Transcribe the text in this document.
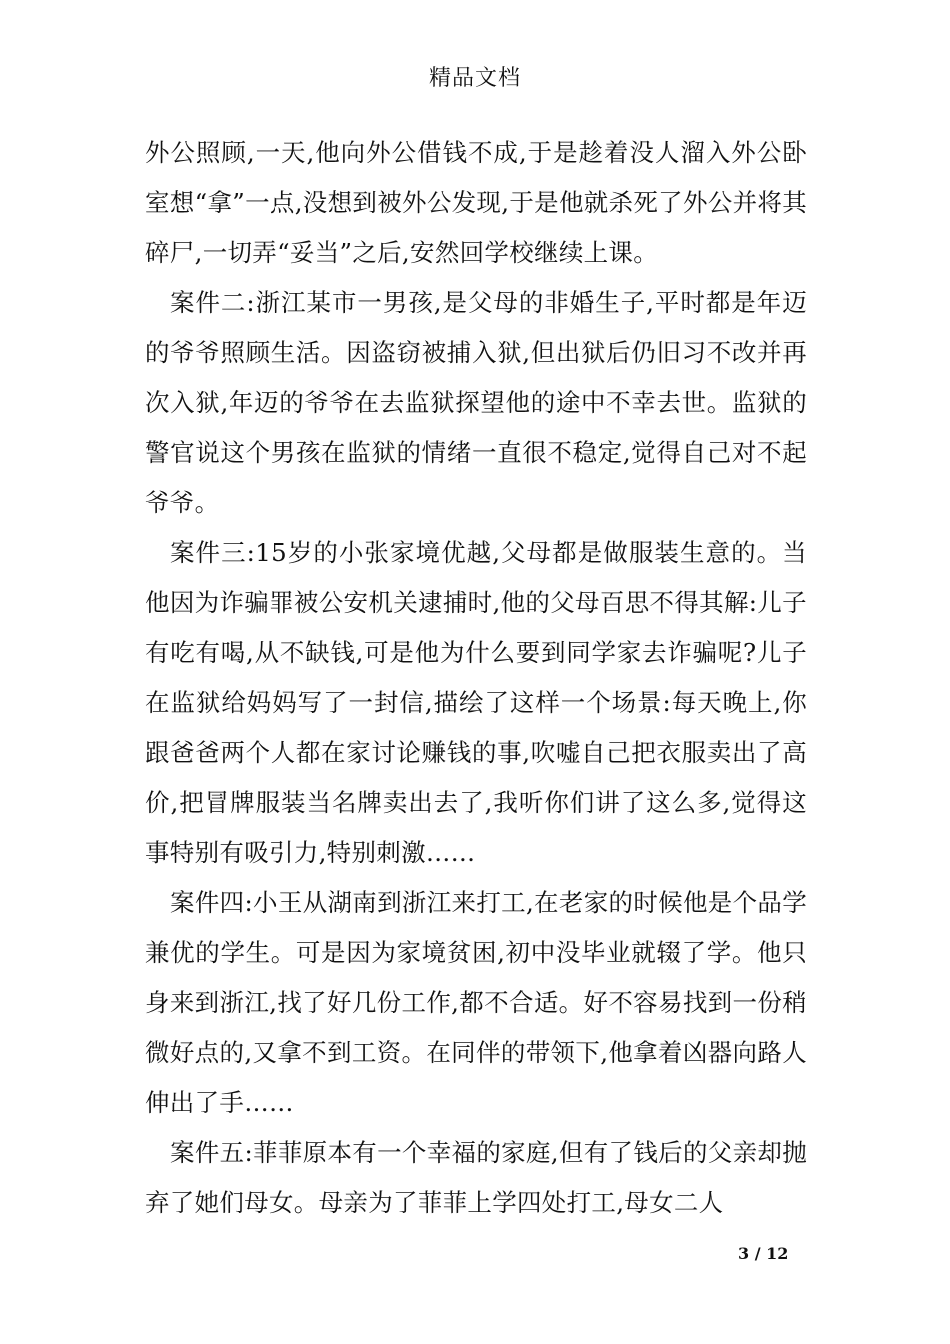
精品文档

外公照顾,一天,他向外公借钱不成,于是趁着没人溜入外公卧室想“拿”一点,没想到被外公发现,于是他就杀死了外公并将其碎尸,一切弄“妥当”之后,安然回学校继续上课。

案件二:浙江某市一男孩,是父母的非婚生子,平时都是年迈的爷爷照顾生活。因盗窃被捕入狱,但出狱后仍旧习不改并再次入狱,年迈的爷爷在去监狱探望他的途中不幸去世。监狱的警官说这个男孩在监狱的情绪一直很不稳定,觉得自己对不起爷爷。

案件三:15岁的小张家境优越,父母都是做服装生意的。当他因为诈骗罪被公安机关逮捕时,他的父母百思不得其解:儿子有吃有喝,从不缺钱,可是他为什么要到同学家去诈骗呢?儿子在监狱给妈妈写了一封信,描绘了这样一个场景:每天晚上,你跟爸爸两个人都在家讨论赚钱的事,吹嘘自己把衣服卖出了高价,把冒牌服装当名牌卖出去了,我听你们讲了这么多,觉得这事特别有吸引力,特别刺激……

案件四:小王从湖南到浙江来打工,在老家的时候他是个品学兼优的学生。可是因为家境贫困,初中没毕业就辍了学。他只身来到浙江,找了好几份工作,都不合适。好不容易找到一份稍微好点的,又拿不到工资。在同伴的带领下,他拿着凶器向路人伸出了手……

案件五:菲菲原本有一个幸福的家庭,但有了钱后的父亲却抛弃了她们母女。母亲为了菲菲上学四处打工,母女二人

3 / 12
